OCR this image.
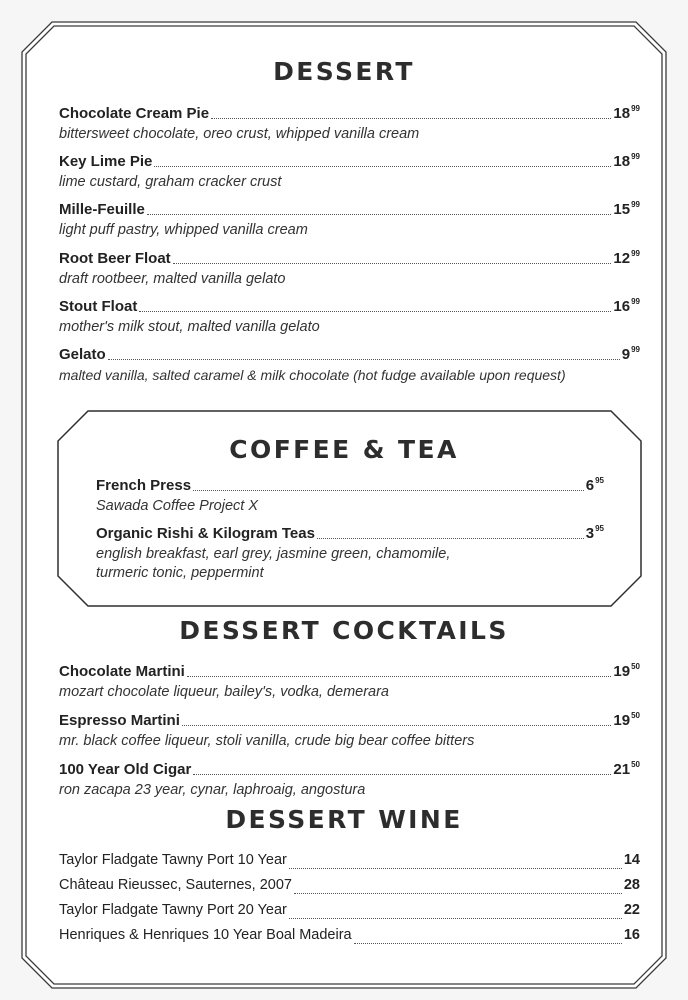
DESSERT
Chocolate Cream Pie	$18^{99}$
bittersweet chocolate, oreo crust, whipped vanilla cream
Key Lime Pie	$18^{99}$
lime custard, graham cracker crust
Mille-Feuille	$15^{99}$
light puff pastry, whipped vanilla cream
Root Beer Float	$12^{99}$
draft rootbeer, malted vanilla gelato
Stout Float	$16^{99}$
mother's milk stout, malted vanilla gelato
Gelato	$9^{99}$
malted vanilla, salted caramel & milk chocolate (hot fudge available upon request)
COFFEE & TEA
French Press	$6^{95}$
Sawada Coffee Project X
Organic Rishi & Kilogram Teas	$3^{95}$
english breakfast, earl grey, jasmine green, chamomile,
turmeric tonic, peppermint
DESSERT COCKTAILS
Chocolate Martini	$19^{50}$
mozart chocolate liqueur, bailey's, vodka, demerara
Espresso Martini	$19^{50}$
mr. black coffee liqueur, stoli vanilla, crude big bear coffee bitters
100 Year Old Cigar	$21^{50}$
ron zacapa 23 year, cynar, laphroaig, angostura
DESSERT WINE
Taylor Fladgate Tawny Port 10 Year	14
Château Rieussec, Sauternes, 2007	28
Taylor Fladgate Tawny Port 20 Year	22
Henriques & Henriques 10 Year Boal Madeira	16
